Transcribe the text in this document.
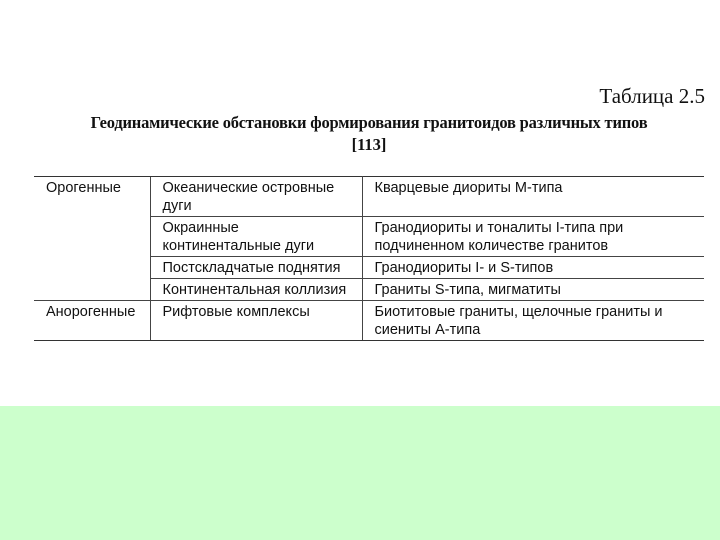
Таблица 2.5
Геодинамические обстановки формирования гранитоидов различных типов
[113]
Орогенные	Океанические островные дуги	Кварцевые диориты M-типа
	Окраинные континентальные дуги	Гранодиориты и тоналиты I-типа при подчиненном количестве гранитов
	Постскладчатые поднятия	Гранодиориты I- и S-типов
	Континентальная коллизия	Граниты S-типа, мигматиты
Анорогенные	Рифтовые комплексы	Биотитовые граниты, щелочные граниты и сиениты A-типа
